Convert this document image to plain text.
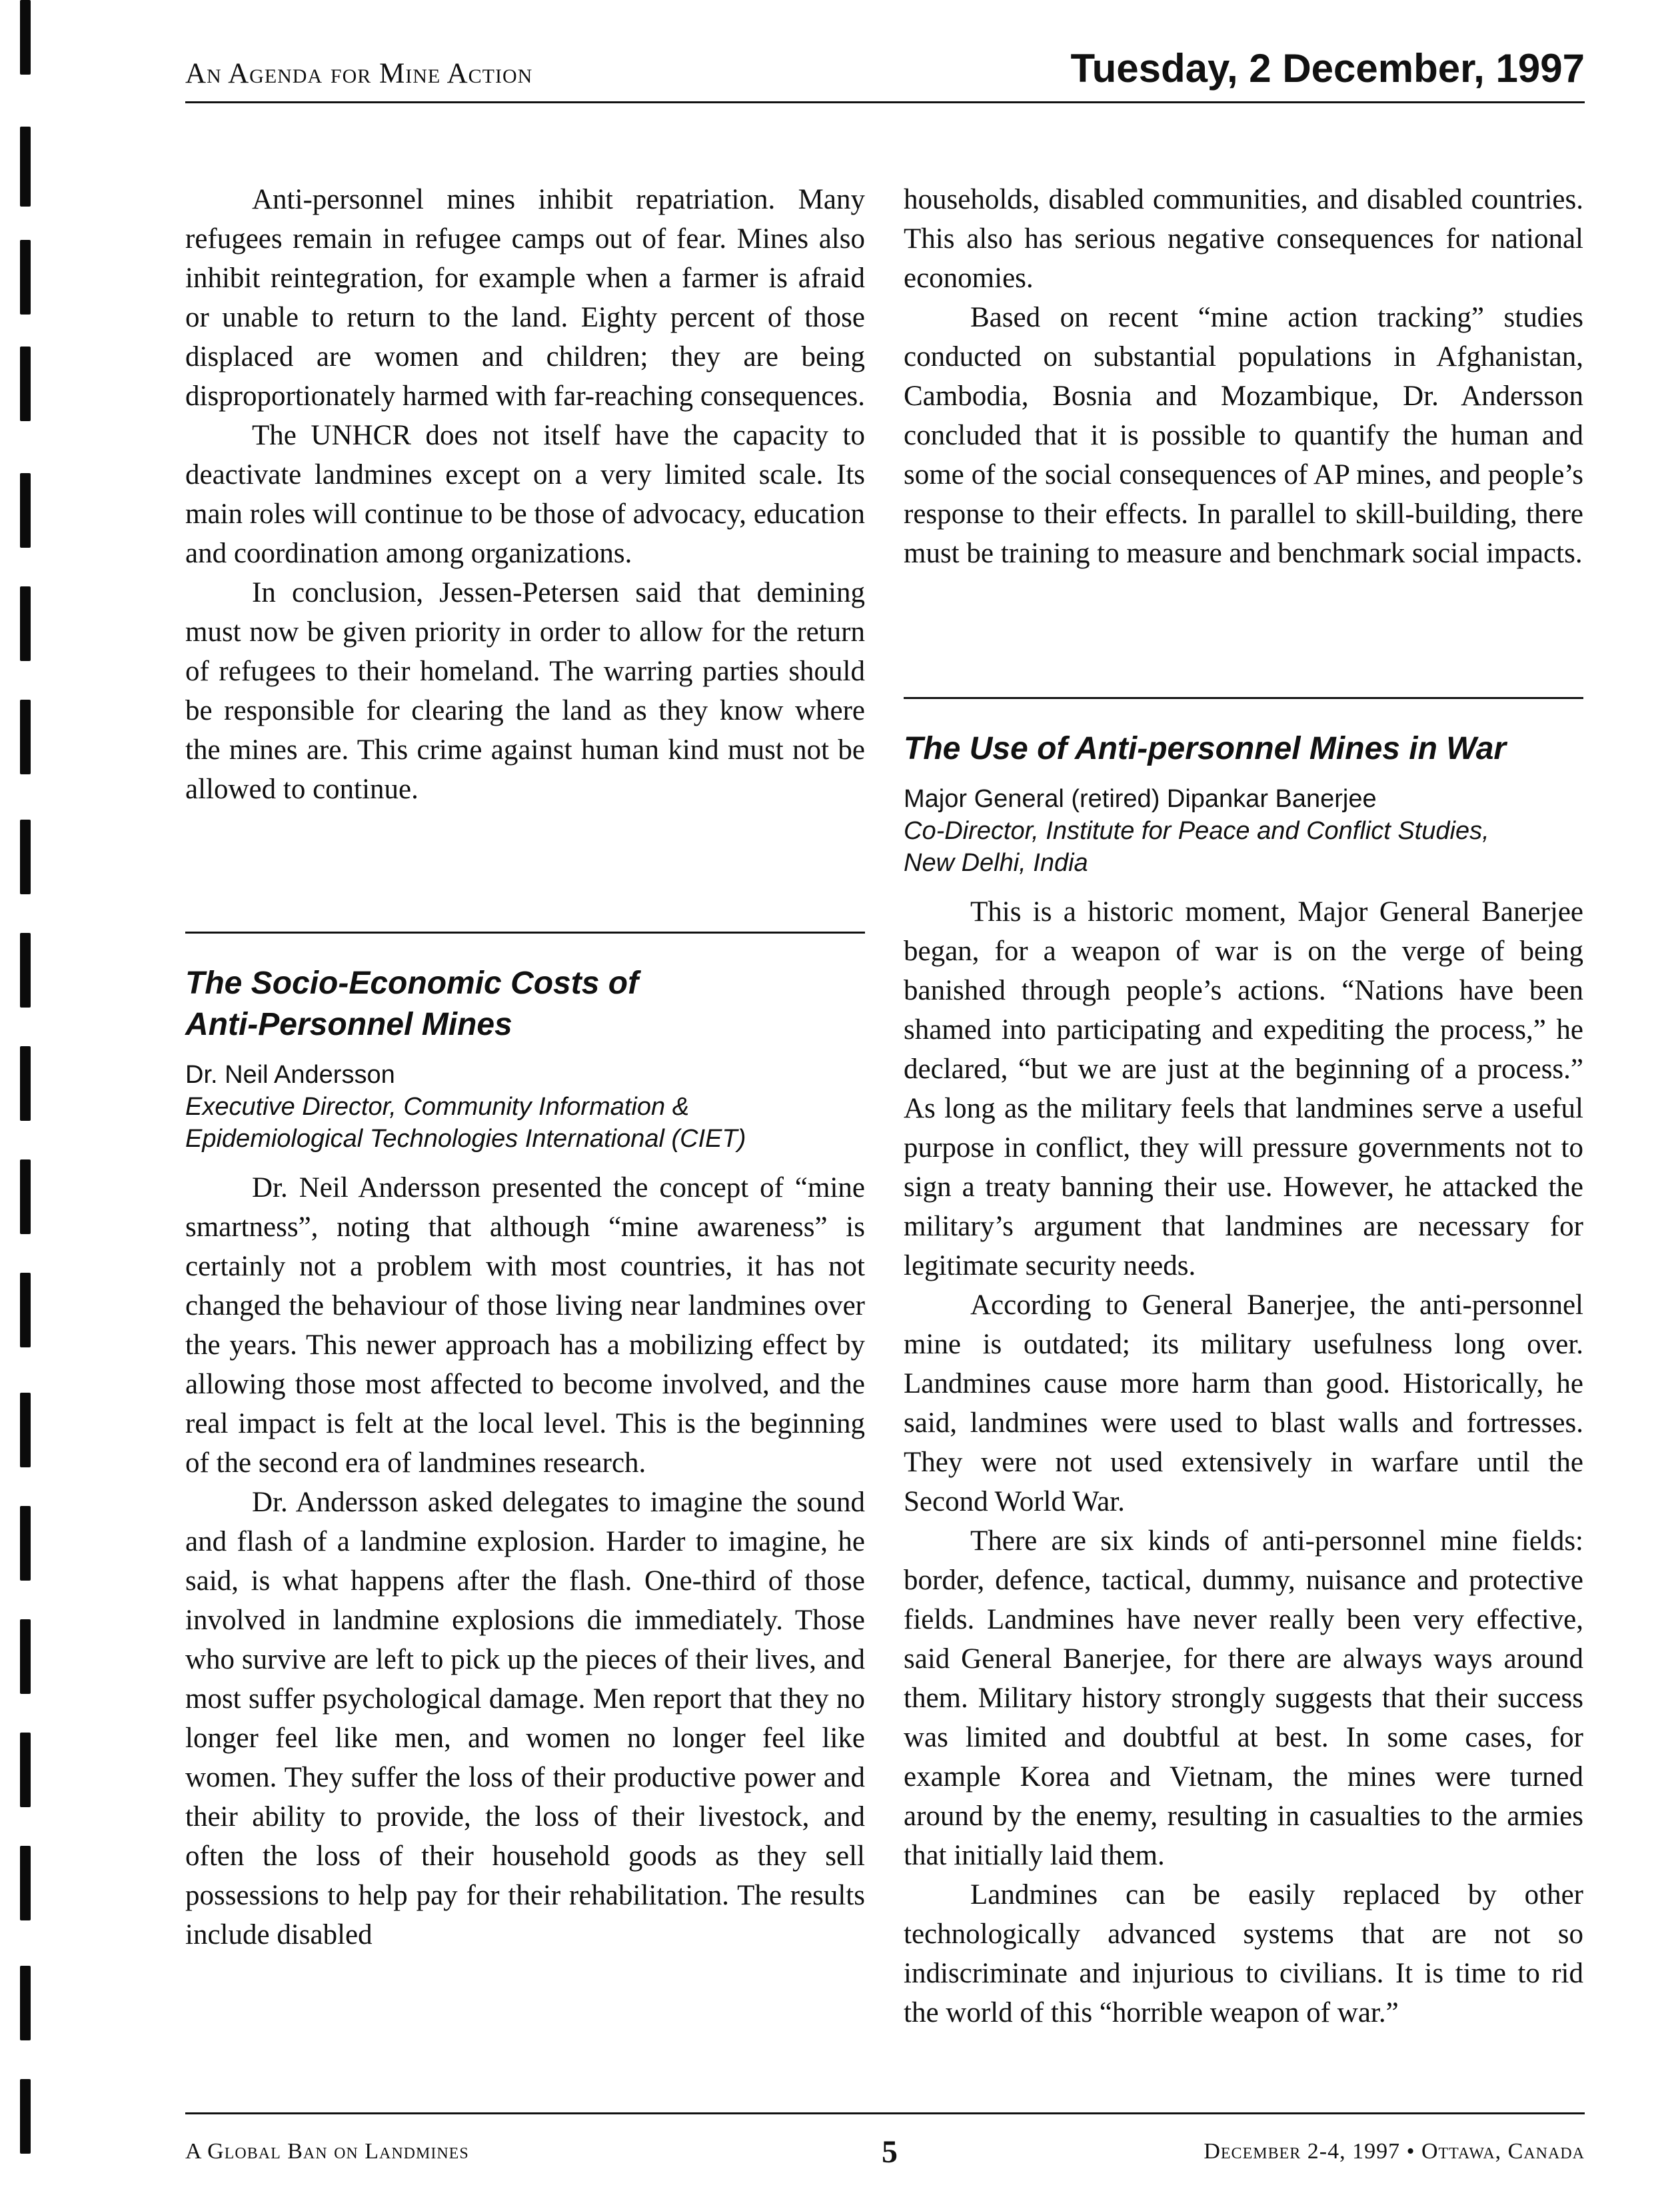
An Agenda for Mine Action	Tuesday, 2 December, 1997

Anti-personnel mines inhibit repatriation. Many refugees remain in refugee camps out of fear. Mines also inhibit reintegration, for example when a farmer is afraid or unable to return to the land. Eighty percent of those displaced are women and children; they are being disproportionately harmed with far-reaching consequences.

The UNHCR does not itself have the capacity to deactivate landmines except on a very limited scale. Its main roles will continue to be those of advocacy, education and coordination among organizations.

In conclusion, Jessen-Petersen said that demining must now be given priority in order to allow for the return of refugees to their homeland. The warring parties should be responsible for clearing the land as they know where the mines are. This crime against human kind must not be allowed to continue.

The Socio-Economic Costs of
Anti-Personnel Mines

Dr. Neil Andersson

Executive Director, Community Information &
Epidemiological Technologies International (CIET)

Dr. Neil Andersson presented the concept of “mine smartness”, noting that although “mine awareness” is certainly not a problem with most countries, it has not changed the behaviour of those living near landmines over the years. This newer approach has a mobilizing effect by allowing those most affected to become involved, and the real impact is felt at the local level. This is the beginning of the second era of landmines research.

Dr. Andersson asked delegates to imagine the sound and flash of a landmine explosion. Harder to imagine, he said, is what happens after the flash. One-third of those involved in landmine explosions die immediately. Those who survive are left to pick up the pieces of their lives, and most suffer psychological damage. Men report that they no longer feel like men, and women no longer feel like women. They suffer the loss of their productive power and their ability to provide, the loss of their livestock, and often the loss of their household goods as they sell possessions to help pay for their rehabilitation. The results include disabled

households, disabled communities, and disabled countries. This also has serious negative consequences for national economies.

Based on recent “mine action tracking” studies conducted on substantial populations in Afghanistan, Cambodia, Bosnia and Mozambique, Dr. Andersson concluded that it is possible to quantify the human and some of the social consequences of AP mines, and people’s response to their effects. In parallel to skill-building, there must be training to measure and benchmark social impacts.

The Use of Anti-personnel Mines in War

Major General (retired) Dipankar Banerjee

Co-Director, Institute for Peace and Conflict Studies,
New Delhi, India

This is a historic moment, Major General Banerjee began, for a weapon of war is on the verge of being banished through people’s actions. “Nations have been shamed into participating and expediting the process,” he declared, “but we are just at the beginning of a process.” As long as the military feels that landmines serve a useful purpose in conflict, they will pressure governments not to sign a treaty banning their use. However, he attacked the military’s argument that landmines are necessary for legitimate security needs.

According to General Banerjee, the anti-personnel mine is outdated; its military usefulness long over. Landmines cause more harm than good. Historically, he said, landmines were used to blast walls and fortresses. They were not used extensively in warfare until the Second World War.

There are six kinds of anti-personnel mine fields: border, defence, tactical, dummy, nuisance and protective fields. Landmines have never really been very effective, said General Banerjee, for there are always ways around them. Military history strongly suggests that their success was limited and doubtful at best. In some cases, for example Korea and Vietnam, the mines were turned around by the enemy, resulting in casualties to the armies that initially laid them.

Landmines can be easily replaced by other technologically advanced systems that are not so indiscriminate and injurious to civilians. It is time to rid the world of this “horrible weapon of war.”

A Global Ban on Landmines	5	December 2-4, 1997 • Ottawa, Canada
